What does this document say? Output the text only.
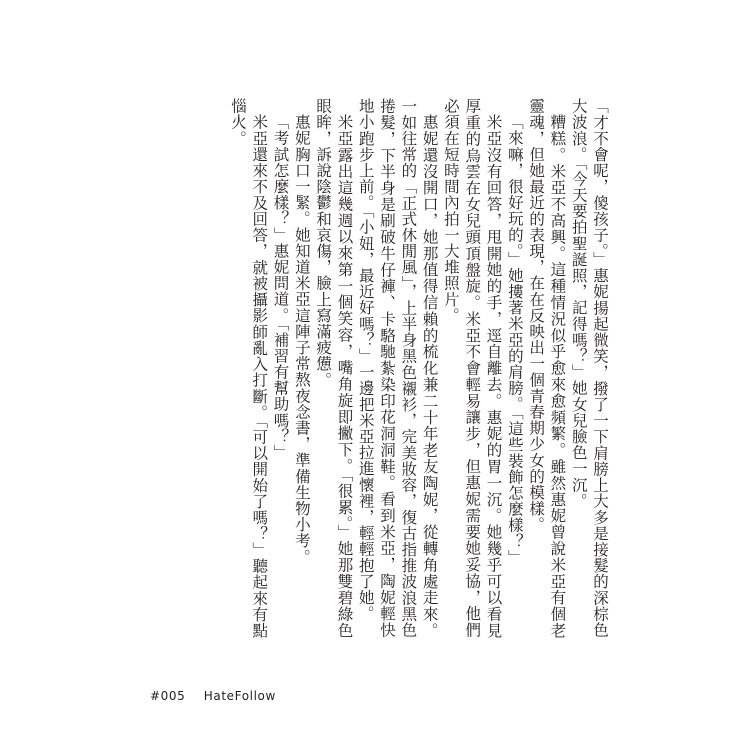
「才不會呢，傻孩子。」惠妮揚起微笑，撥了一下肩膀上大多是接髮的深棕色大波浪。「今天要拍聖誕照，記得嗎？」她女兒臉色一沉。

糟糕。米亞不高興。這種情況似乎愈來愈頻繁。雖然惠妮曾說米亞有個老靈魂，但她最近的表現，在在反映出一個青春期少女的模樣。

「來嘛，很好玩的。」她摟著米亞的肩膀。「這些裝飾怎麼樣？」

米亞沒有回答，甩開她的手，逕自離去。惠妮的胃一沉。她幾乎可以看見厚重的烏雲在女兒頭頂盤旋。米亞不會輕易讓步，但惠妮需要她妥協，他們必須在短時間內拍一大堆照片。

惠妮還沒開口，她那值得信賴的梳化兼二十年老友陶妮，從轉角處走來。一如往常的「正式休閒風」，上半身黑色襯衫，完美妝容，復古指推波浪黑色捲髮，下半身是刷破牛仔褲、卡駱馳紮染印花洞洞鞋。看到米亞，陶妮輕快地小跑步上前。「小妞，最近好嗎？」一邊把米亞拉進懷裡，輕輕抱了她。

米亞露出這幾週以來第一個笑容，嘴角旋即撇下。「很累。」她那雙碧綠色眼眸，訴說陰鬱和哀傷，臉上寫滿疲憊。

惠妮胸口一緊。她知道米亞這陣子常熬夜念書，準備生物小考。

「考試怎麼樣？」惠妮問道。「補習有幫助嗎？」

米亞還來不及回答，就被攝影師亂入打斷。「可以開始了嗎？」聽起來有點惱火。

#005 HateFollow
